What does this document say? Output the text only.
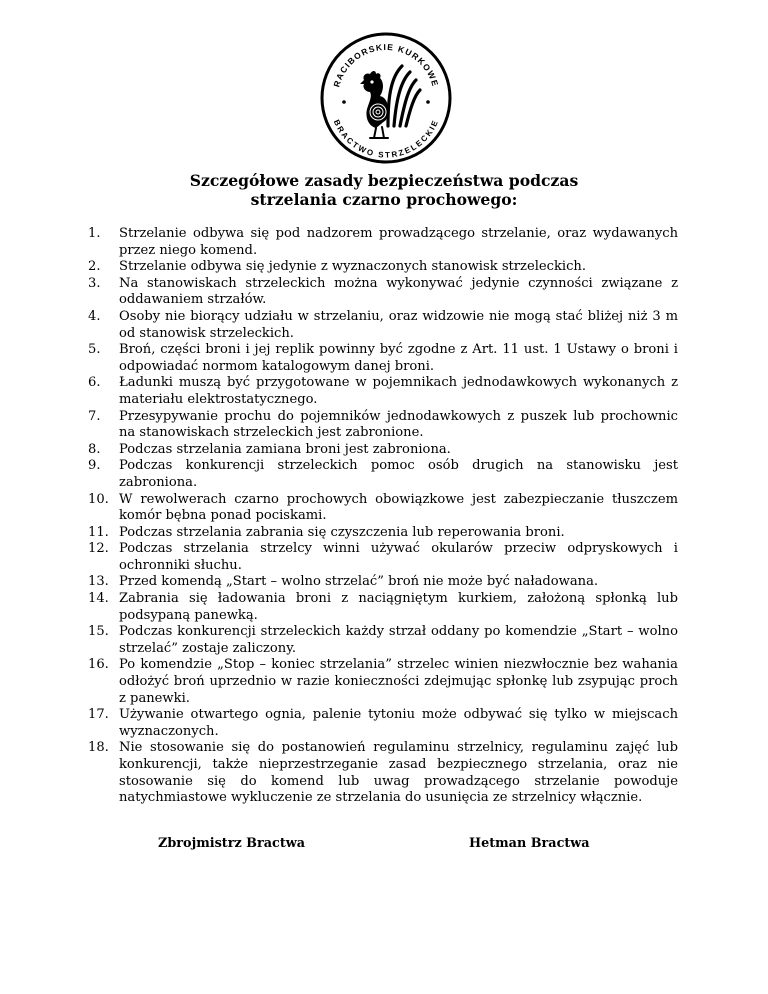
RACIBORSKIE KURKOWE
BRACTWO STRZELECKIE
Szczegółowe zasady bezpieczeństwa podczas
strzelania czarno prochowego:
1.	Strzelanie odbywa się pod nadzorem prowadzącego strzelanie, oraz wydawanych przez niego komend.
2.	Strzelanie odbywa się jedynie z wyznaczonych stanowisk strzeleckich.
3.	Na stanowiskach strzeleckich można wykonywać jedynie czynności związane z oddawaniem strzałów.
4.	Osoby nie biorący udziału w strzelaniu, oraz widzowie nie mogą stać bliżej niż 3 m od stanowisk strzeleckich.
5.	Broń, części broni i jej replik powinny być zgodne z Art. 11 ust. 1 Ustawy o broni i odpowiadać normom katalogowym danej broni.
6.	Ładunki muszą być przygotowane w pojemnikach jednodawkowych wykonanych z materiału elektrostatycznego.
7.	Przesypywanie prochu do pojemników jednodawkowych z puszek lub prochownic na stanowiskach strzeleckich jest zabronione.
8.	Podczas strzelania zamiana broni jest zabroniona.
9.	Podczas konkurencji strzeleckich pomoc osób drugich na stanowisku jest zabroniona.
10. W rewolwerach czarno prochowych obowiązkowe jest zabezpieczanie tłuszczem komór bębna ponad pociskami.
11. Podczas strzelania zabrania się czyszczenia lub reperowania broni.
12. Podczas strzelania strzelcy winni używać okularów przeciw odpryskowych i ochronniki słuchu.
13. Przed komendą „Start – wolno strzelać” broń nie może być naładowana.
14. Zabrania się ładowania broni z naciągniętym kurkiem, założoną spłonką lub podsypaną panewką.
15. Podczas konkurencji strzeleckich każdy strzał oddany po komendzie „Start – wolno strzelać” zostaje zaliczony.
16. Po komendzie „Stop – koniec strzelania” strzelec winien niezwłocznie bez wahania odłożyć broń uprzednio w razie konieczności zdejmując spłonkę lub zsypując proch z panewki.
17. Używanie otwartego ognia, palenie tytoniu może odbywać się tylko w miejscach wyznaczonych.
18. Nie stosowanie się do postanowień regulaminu strzelnicy, regulaminu zajęć lub konkurencji, także nieprzestrzeganie zasad bezpiecznego strzelania, oraz nie stosowanie się do komend lub uwag prowadzącego strzelanie powoduje natychmiastowe wykluczenie ze strzelania do usunięcia ze strzelnicy włącznie.
Zbrojmistrz Bractwa	Hetman Bractwa
